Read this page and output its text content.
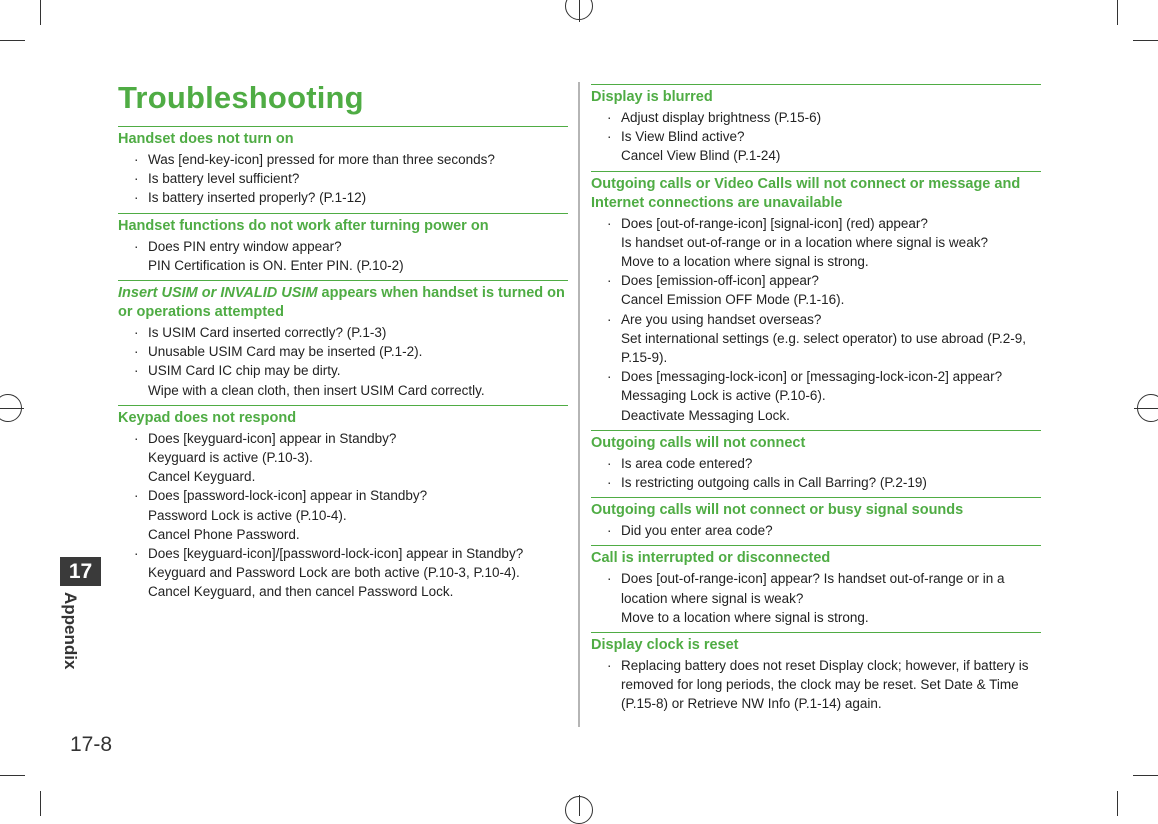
Troubleshooting
Handset does not turn on
· Was [end-key-icon] pressed for more than three seconds?
· Is battery level sufficient?
· Is battery inserted properly? (P.1-12)
Handset functions do not work after turning power on
· Does PIN entry window appear?
PIN Certification is ON. Enter PIN. (P.10-2)
Insert USIM or INVALID USIM appears when handset is turned on or operations attempted
· Is USIM Card inserted correctly? (P.1-3)
· Unusable USIM Card may be inserted (P.1-2).
· USIM Card IC chip may be dirty.
Wipe with a clean cloth, then insert USIM Card correctly.
Keypad does not respond
· Does [keyguard-icon] appear in Standby?
Keyguard is active (P.10-3).
Cancel Keyguard.
· Does [password-lock-icon] appear in Standby?
Password Lock is active (P.10-4).
Cancel Phone Password.
· Does [keyguard-icon]/[password-lock-icon] appear in Standby?
Keyguard and Password Lock are both active (P.10-3, P.10-4).
Cancel Keyguard, and then cancel Password Lock.
Display is blurred
· Adjust display brightness (P.15-6)
· Is View Blind active?
Cancel View Blind (P.1-24)
Outgoing calls or Video Calls will not connect or message and Internet connections are unavailable
· Does [out-of-range-icon] [signal-icon] (red) appear?
Is handset out-of-range or in a location where signal is weak?
Move to a location where signal is strong.
· Does [emission-off-icon] appear?
Cancel Emission OFF Mode (P.1-16).
· Are you using handset overseas?
Set international settings (e.g. select operator) to use abroad (P.2-9, P.15-9).
· Does [messaging-lock-icon] or [messaging-lock-icon-2] appear?
Messaging Lock is active (P.10-6).
Deactivate Messaging Lock.
Outgoing calls will not connect
· Is area code entered?
· Is restricting outgoing calls in Call Barring? (P.2-19)
Outgoing calls will not connect or busy signal sounds
· Did you enter area code?
Call is interrupted or disconnected
· Does [out-of-range-icon] appear? Is handset out-of-range or in a location where signal is weak?
Move to a location where signal is strong.
Display clock is reset
· Replacing battery does not reset Display clock; however, if battery is removed for long periods, the clock may be reset. Set Date & Time (P.15-8) or Retrieve NW Info (P.1-14) again.
17
Appendix
17-8
